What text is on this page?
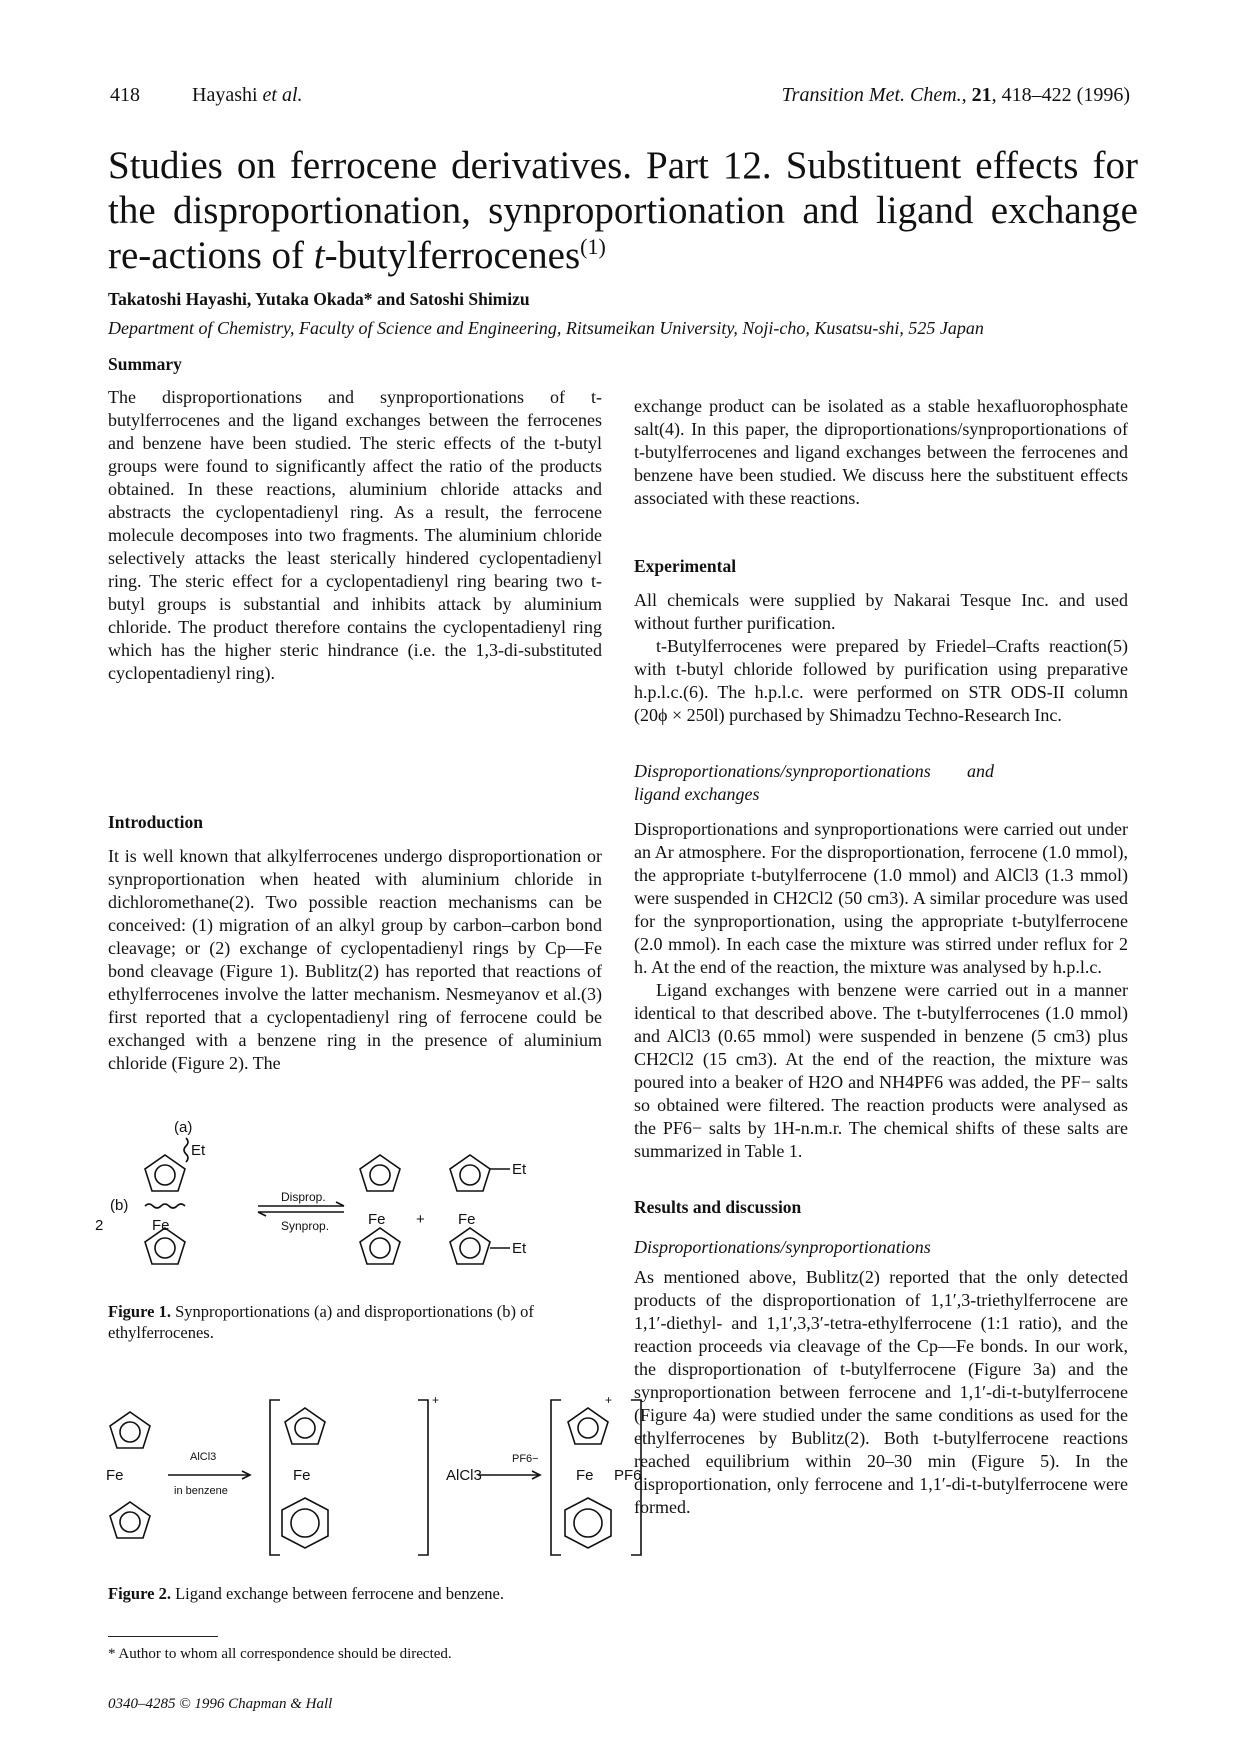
418	Hayashi et al.	Transition Met. Chem., 21, 418–422 (1996)
Studies on ferrocene derivatives. Part 12. Substituent effects for the disproportionation, synproportionation and ligand exchange re-actions of t-butylferrocenes$^{(1)}$
Takatoshi Hayashi, Yutaka Okada* and Satoshi Shimizu
Department of Chemistry, Faculty of Science and Engineering, Ritsumeikan University, Noji-cho, Kusatsu-shi, 525 Japan
Summary

The disproportionations and synproportionations of t-butylferrocenes and the ligand exchanges between the ferrocenes and benzene have been studied. The steric effects of the t-butyl groups were found to significantly affect the ratio of the products obtained. In these reactions, aluminium chloride attacks and abstracts the cyclopentadienyl ring. As a result, the ferrocene molecule decomposes into two fragments. The aluminium chloride selectively attacks the least sterically hindered cyclopentadienyl ring. The steric effect for a cyclopentadienyl ring bearing two t-butyl groups is substantial and inhibits attack by aluminium chloride. The product therefore contains the cyclopentadienyl ring which has the higher steric hindrance (i.e. the 1,3-di-substituted cyclopentadienyl ring).

Introduction

It is well known that alkylferrocenes undergo disproportionation or synproportionation when heated with aluminium chloride in dichloromethane(2). Two possible reaction mechanisms can be conceived: (1) migration of an alkyl group by carbon–carbon bond cleavage; or (2) exchange of cyclopentadienyl rings by Cp—Fe bond cleavage (Figure 1). Bublitz(2) has reported that reactions of ethylferrocenes involve the latter mechanism. Nesmeyanov et al.(3) first reported that a cyclopentadienyl ring of ferrocene could be exchanged with a benzene ring in the presence of aluminium chloride (Figure 2). The

(a)
Et
(b)
2	Fe
Disprop.
Synprop.	Fe + Fe
Et
Et
Figure 1. Synproportionations (a) and disproportionations (b) of ethylferrocenes.
Fe
AlCl3
in benzene
Fe
+
AlCl3−
PF6−
Fe
+
PF6
Figure 2. Ligand exchange between ferrocene and benzene.
* Author to whom all correspondence should be directed.
0340–4285 © 1996 Chapman & Hall

exchange product can be isolated as a stable hexafluorophosphate salt(4). In this paper, the diproportionations/synproportionations of t-butylferrocenes and ligand exchanges between the ferrocenes and benzene have been studied. We discuss here the substituent effects associated with these reactions.

Experimental

All chemicals were supplied by Nakarai Tesque Inc. and used without further purification.

t-Butylferrocenes were prepared by Friedel–Crafts reaction(5) with t-butyl chloride followed by purification using preparative h.p.l.c.(6). The h.p.l.c. were performed on STR ODS-II column (20ϕ × 250l) purchased by Shimadzu Techno-Research Inc.

Disproportionations/synproportionations and ligand exchanges

Disproportionations and synproportionations were carried out under an Ar atmosphere. For the disproportionation, ferrocene (1.0 mmol), the appropriate t-butylferrocene (1.0 mmol) and AlCl3 (1.3 mmol) were suspended in CH2Cl2 (50 cm3). A similar procedure was used for the synproportionation, using the appropriate t-butylferrocene (2.0 mmol). In each case the mixture was stirred under reflux for 2 h. At the end of the reaction, the mixture was analysed by h.p.l.c.

Ligand exchanges with benzene were carried out in a manner identical to that described above. The t-butylferrocenes (1.0 mmol) and AlCl3 (0.65 mmol) were suspended in benzene (5 cm3) plus CH2Cl2 (15 cm3). At the end of the reaction, the mixture was poured into a beaker of H2O and NH4PF6 was added, the PF− salts so obtained were filtered. The reaction products were analysed as the PF6− salts by 1H-n.m.r. The chemical shifts of these salts are summarized in Table 1.

Results and discussion
Disproportionations/synproportionations

As mentioned above, Bublitz(2) reported that the only detected products of the disproportionation of 1,1′,3-triethylferrocene are 1,1′-diethyl- and 1,1′,3,3′-tetra-ethylferrocene (1:1 ratio), and the reaction proceeds via cleavage of the Cp—Fe bonds. In our work, the disproportionation of t-butylferrocene (Figure 3a) and the synproportionation between ferrocene and 1,1′-di-t-butylferrocene (Figure 4a) were studied under the same conditions as used for the ethylferrocenes by Bublitz(2). Both t-butylferrocene reactions reached equilibrium within 20–30 min (Figure 5). In the disproportionation, only ferrocene and 1,1′-di-t-butylferrocene were formed.
